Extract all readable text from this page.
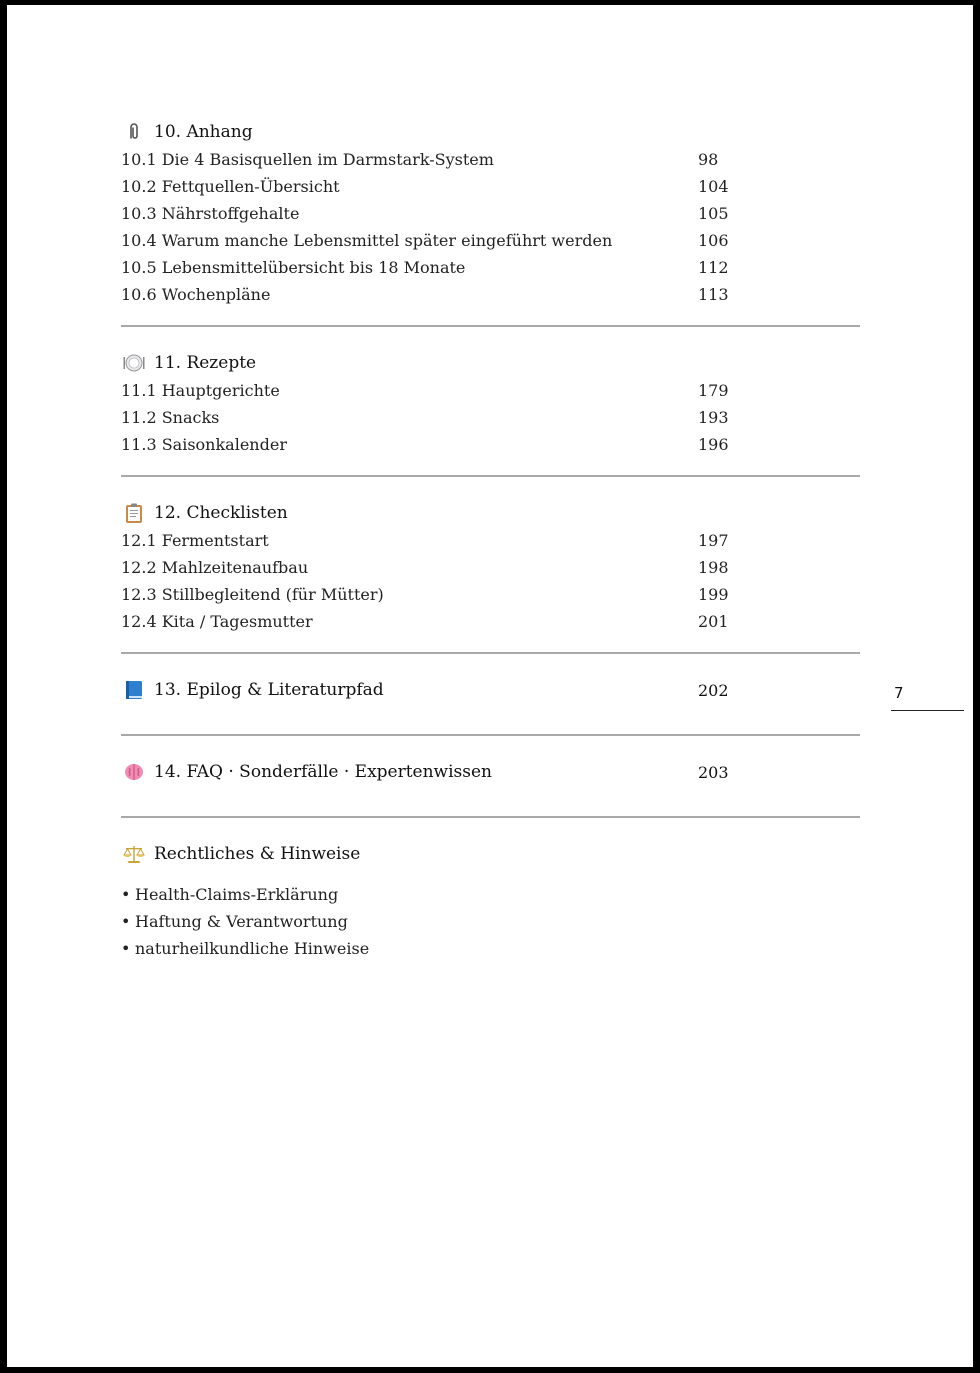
10. Anhang
10.1 Die 4 Basisquellen im Darmstark-System	98
10.2 Fettquellen-Übersicht	104
10.3 Nährstoffgehalte	105
10.4 Warum manche Lebensmittel später eingeführt werden	106
10.5 Lebensmittelübersicht bis 18 Monate	112
10.6 Wochenpläne	113
11. Rezepte
11.1 Hauptgerichte	179
11.2 Snacks	193
11.3 Saisonkalender	196
12. Checklisten
12.1 Fermentstart	197
12.2 Mahlzeitenaufbau	198
12.3 Stillbegleitend (für Mütter)	199
12.4 Kita / Tagesmutter	201
13. Epilog & Literaturpfad	202
14. FAQ · Sonderfälle · Expertenwissen	203
Rechtliches & Hinweise
• Health-Claims-Erklärung
• Haftung & Verantwortung
• naturheilkundliche Hinweise
7
